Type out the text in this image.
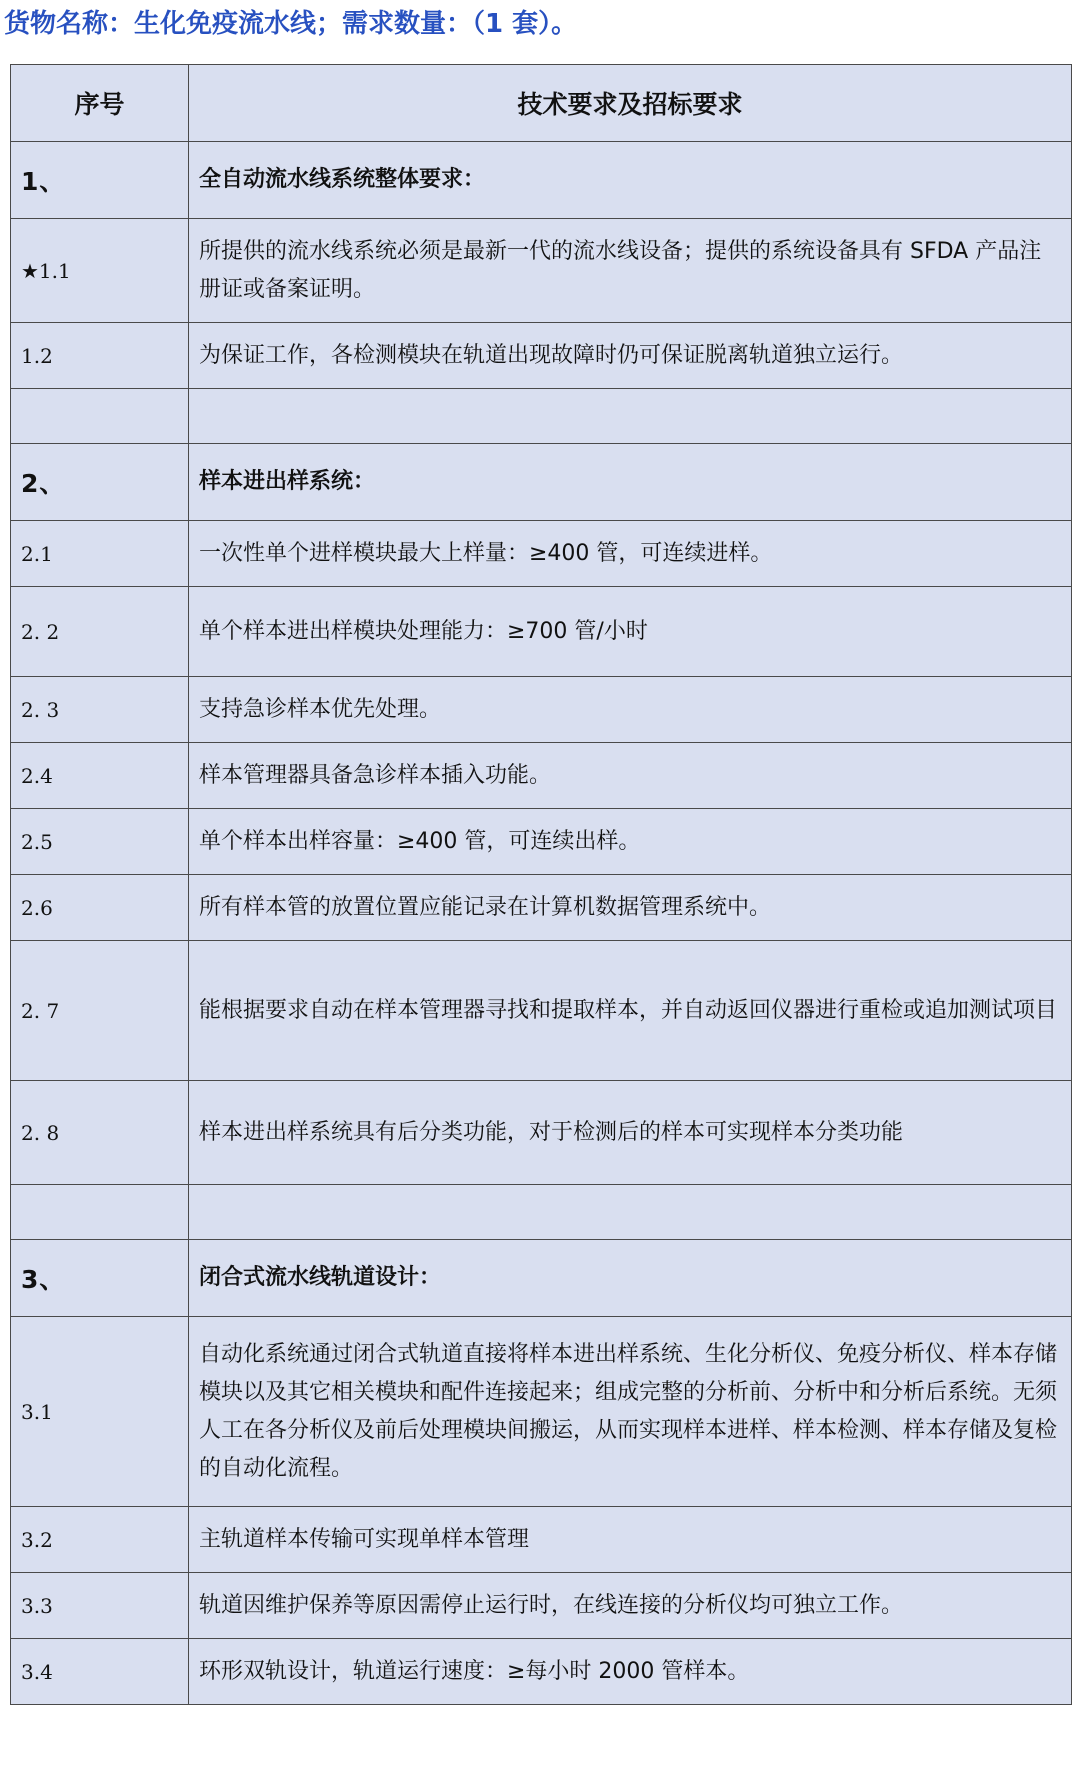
货物名称：生化免疫流水线；需求数量：（1 套）。
序号	技术要求及招标要求
1、	全自动流水线系统整体要求：
★1.1	所提供的流水线系统必须是最新一代的流水线设备；提供的系统设备具有 SFDA 产品注册证或备案证明。
1.2	为保证工作，各检测模块在轨道出现故障时仍可保证脱离轨道独立运行。

2、	样本进出样系统：
2.1	一次性单个进样模块最大上样量：≥400 管，可连续进样。
2. 2	单个样本进出样模块处理能力：≥700 管/小时
2. 3	支持急诊样本优先处理。
2.4	样本管理器具备急诊样本插入功能。
2.5	单个样本出样容量：≥400 管，可连续出样。
2.6	所有样本管的放置位置应能记录在计算机数据管理系统中。
2. 7	能根据要求自动在样本管理器寻找和提取样本，并自动返回仪器进行重检或追加测试项目
2. 8	样本进出样系统具有后分类功能，对于检测后的样本可实现样本分类功能

3、	闭合式流水线轨道设计：
3.1	自动化系统通过闭合式轨道直接将样本进出样系统、生化分析仪、免疫分析仪、样本存储模块以及其它相关模块和配件连接起来；组成完整的分析前、分析中和分析后系统。无须人工在各分析仪及前后处理模块间搬运，从而实现样本进样、样本检测、样本存储及复检的自动化流程。
3.2	主轨道样本传输可实现单样本管理
3.3	轨道因维护保养等原因需停止运行时，在线连接的分析仪均可独立工作。
3.4	环形双轨设计，轨道运行速度：≥每小时 2000 管样本。
